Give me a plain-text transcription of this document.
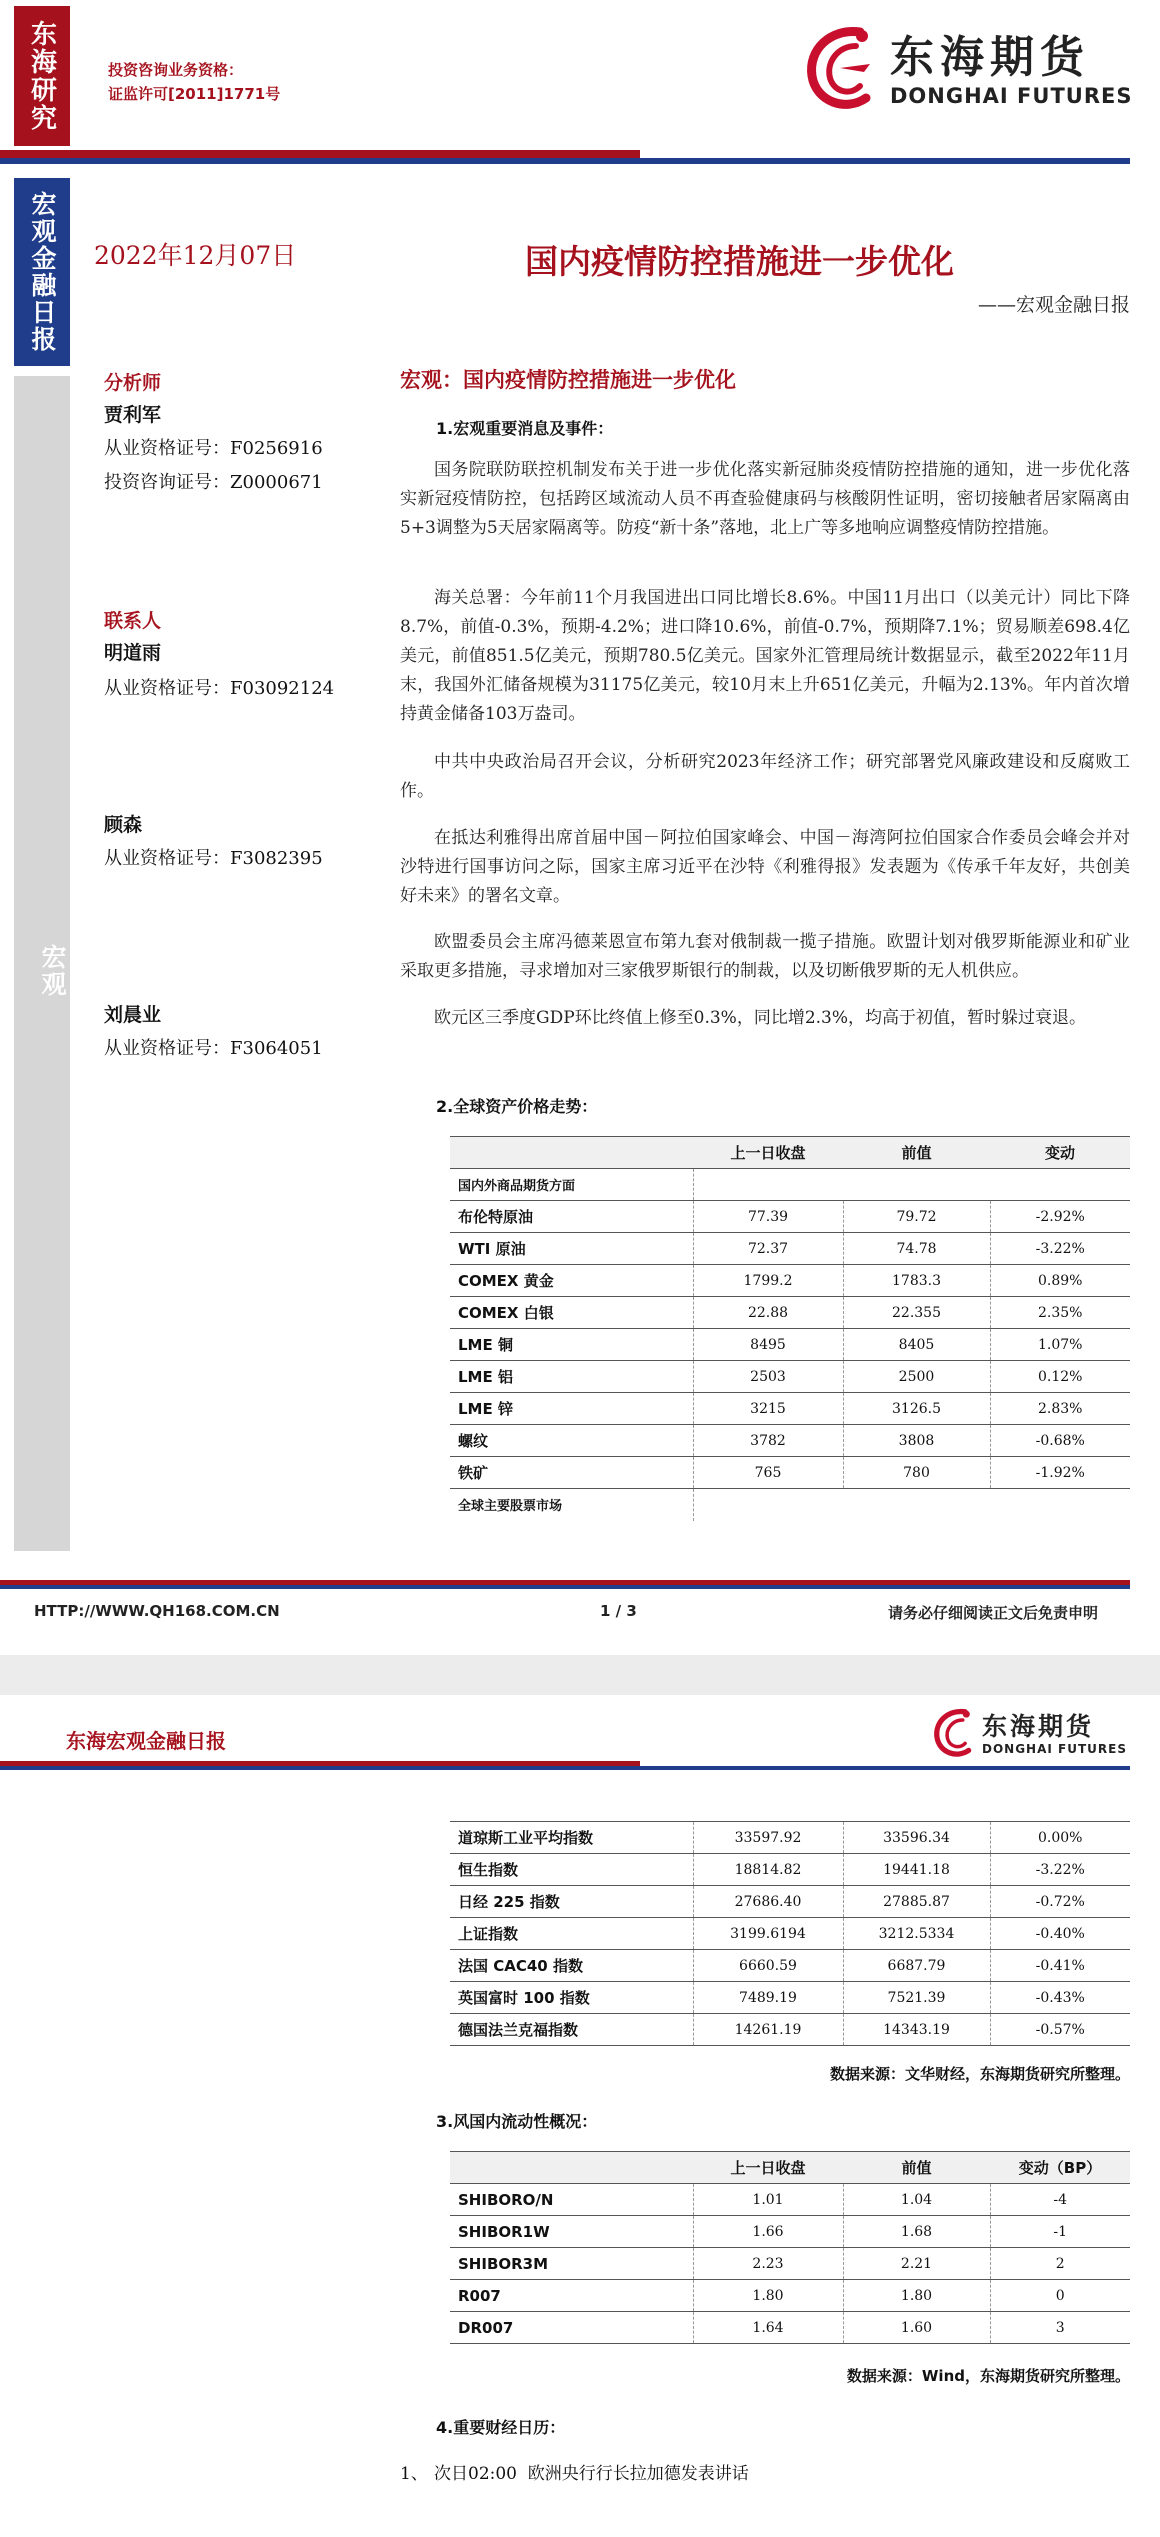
东海研究	投资咨询业务资格：
证监许可[2011]1771号
东海期货
DONGHAI FUTURES
宏观金融日报
宏观
2022年12月07日	国内疫情防控措施进一步优化
——宏观金融日报
分析师
贾利军
从业资格证号：F0256916
投资咨询证号：Z0000671
联系人
明道雨
从业资格证号：F03092124
顾森
从业资格证号：F3082395
刘晨业
从业资格证号：F3064051
宏观：国内疫情防控措施进一步优化
1.宏观重要消息及事件：

国务院联防联控机制发布关于进一步优化落实新冠肺炎疫情防控措施的通知，进一步优化落实新冠疫情防控，包括跨区域流动人员不再查验健康码与核酸阴性证明，密切接触者居家隔离由5+3调整为5天居家隔离等。防疫“新十条”落地，北上广等多地响应调整疫情防控措施。

海关总署：今年前11个月我国进出口同比增长8.6%。中国11月出口（以美元计）同比下降8.7%，前值-0.3%，预期-4.2%；进口降10.6%，前值-0.7%，预期降7.1%；贸易顺差698.4亿美元，前值851.5亿美元，预期780.5亿美元。国家外汇管理局统计数据显示，截至2022年11月末，我国外汇储备规模为31175亿美元，较10月末上升651亿美元，升幅为2.13%。年内首次增持黄金储备103万盎司。

中共中央政治局召开会议，分析研究2023年经济工作；研究部署党风廉政建设和反腐败工作。

在抵达利雅得出席首届中国－阿拉伯国家峰会、中国－海湾阿拉伯国家合作委员会峰会并对沙特进行国事访问之际，国家主席习近平在沙特《利雅得报》发表题为《传承千年友好，共创美好未来》的署名文章。

欧盟委员会主席冯德莱恩宣布第九套对俄制裁一揽子措施。欧盟计划对俄罗斯能源业和矿业采取更多措施，寻求增加对三家俄罗斯银行的制裁，以及切断俄罗斯的无人机供应。

欧元区三季度GDP环比终值上修至0.3%，同比增2.3%，均高于初值，暂时躲过衰退。

2.全球资产价格走势：
	上一日收盘	前值	变动
国内外商品期货方面			
布伦特原油	77.39	79.72	-2.92%
WTI 原油	72.37	74.78	-3.22%
COMEX 黄金	1799.2	1783.3	0.89%
COMEX 白银	22.88	22.355	2.35%
LME 铜	8495	8405	1.07%
LME 铝	2503	2500	0.12%
LME 锌	3215	3126.5	2.83%
螺纹	3782	3808	-0.68%
铁矿	765	780	-1.92%
全球主要股票市场			
HTTP://WWW.QH168.COM.CN	1 / 3	请务必仔细阅读正文后免责申明
东海宏观金融日报	东海期货
DONGHAI FUTURES
道琼斯工业平均指数	33597.92	33596.34	0.00%
恒生指数	18814.82	19441.18	-3.22%
日经 225 指数	27686.40	27885.87	-0.72%
上证指数	3199.6194	3212.5334	-0.40%
法国 CAC40 指数	6660.59	6687.79	-0.41%
英国富时 100 指数	7489.19	7521.39	-0.43%
德国法兰克福指数	14261.19	14343.19	-0.57%
数据来源：文华财经，东海期货研究所整理。
3.风国内流动性概况：
	上一日收盘	前值	变动（BP）
SHIBORO/N	1.01	1.04	-4
SHIBOR1W	1.66	1.68	-1
SHIBOR3M	2.23	2.21	2
R007	1.80	1.80	0
DR007	1.64	1.60	3
数据来源：Wind，东海期货研究所整理。
4.重要财经日历：
1、 次日02:00  欧洲央行行长拉加德发表讲话
